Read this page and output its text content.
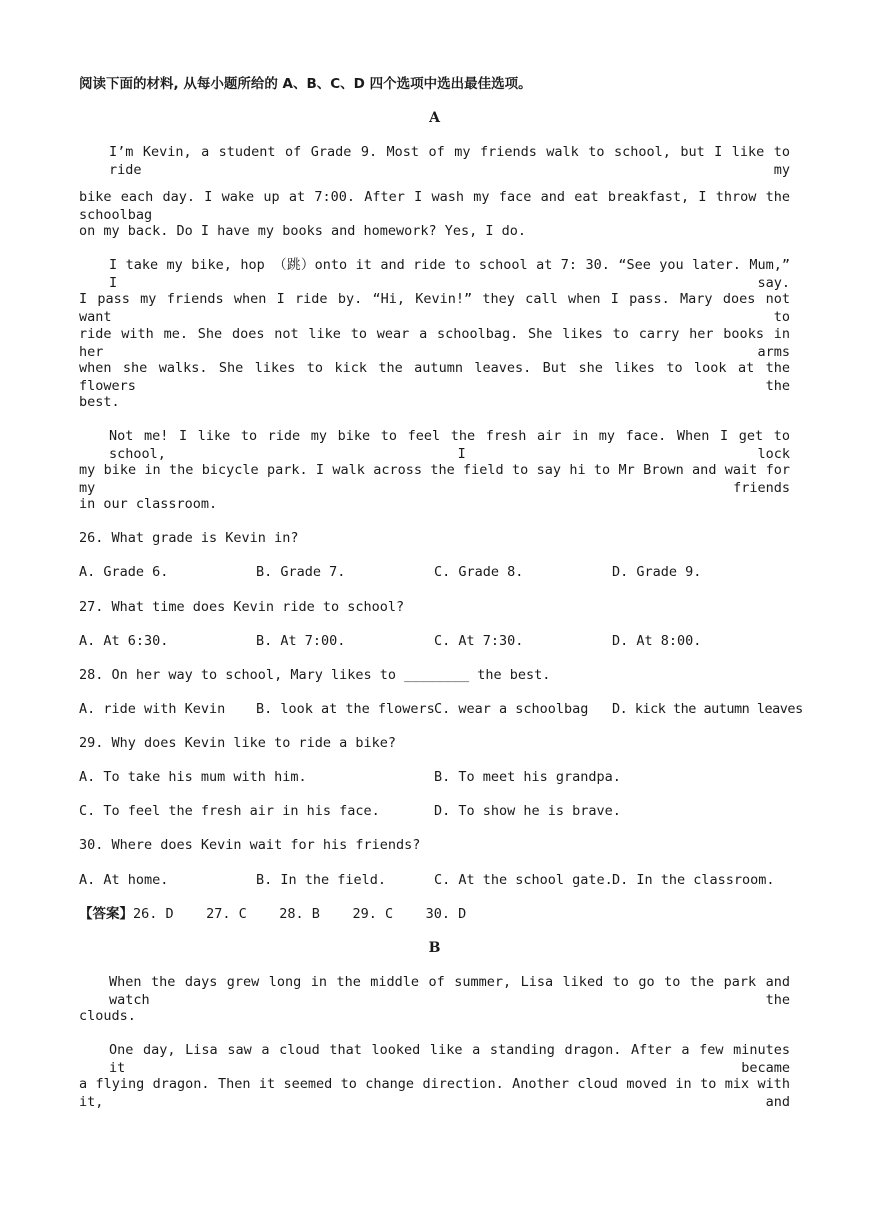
阅读下面的材料, 从每小题所给的 A、B、C、D 四个选项中选出最佳选项。
A
I’m Kevin, a student of Grade 9. Most of my friends walk to school, but I like to ride my
bike each day. I wake up at 7:00. After I wash my face and eat breakfast, I throw the schoolbag
on my back. Do I have my books and homework? Yes, I do.
I take my bike, hop （跳）onto it and ride to school at 7: 30. “See you later. Mum,” I say.
I pass my friends when I ride by. “Hi, Kevin!” they call when I pass. Mary does not want to
ride with me. She does not like to wear a schoolbag. She likes to carry her books in her arms
when she walks. She likes to kick the autumn leaves. But she likes to look at the flowers the
best.
Not me! I like to ride my bike to feel the fresh air in my face. When I get to school, I lock
my bike in the bicycle park. I walk across the field to say hi to Mr Brown and wait for my friends
in our classroom.
26. What grade is Kevin in?
A. Grade 6.	B. Grade 7.	C. Grade 8.	D. Grade 9.
27. What time does Kevin ride to school?
A. At 6:30.	B. At 7:00.	C. At 7:30.	D. At 8:00.
28. On her way to school, Mary likes to ________ the best.
A. ride with Kevin B. look at the flowers C. wear a schoolbag D. kick the autumn leaves
29. Why does Kevin like to ride a bike?
A. To take his mum with him.	B. To meet his grandpa.
C. To feel the fresh air in his face.	D. To show he is brave.
30. Where does Kevin wait for his friends?
A. At home.	B. In the field.	C. At the school gate. D. In the classroom.
【答案】26. D    27. C    28. B    29. C    30. D
B
When the days grew long in the middle of summer, Lisa liked to go to the park and watch the
clouds.
One day, Lisa saw a cloud that looked like a standing dragon. After a few minutes it became
a flying dragon. Then it seemed to change direction. Another cloud moved in to mix with it, and
